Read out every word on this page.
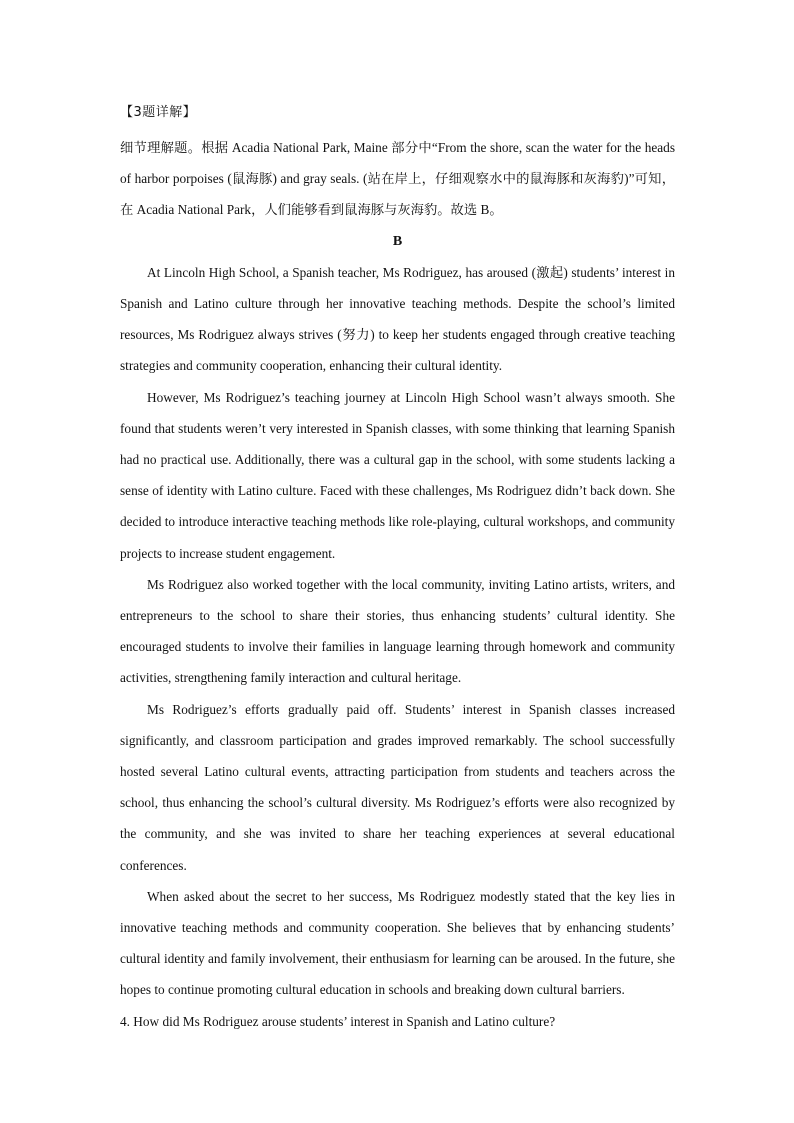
【3题详解】

细节理解题。根据 Acadia National Park, Maine 部分中“From the shore, scan the water for the heads of harbor porpoises (鼠海豚) and gray seals. (站在岸上，仔细观察水中的鼠海豚和灰海豹)”可知，在 Acadia National Park，人们能够看到鼠海豚与灰海豹。故选 B。

B

At Lincoln High School, a Spanish teacher, Ms Rodriguez, has aroused (激起) students’ interest in Spanish and Latino culture through her innovative teaching methods. Despite the school’s limited resources, Ms Rodriguez always strives (努力) to keep her students engaged through creative teaching strategies and community cooperation, enhancing their cultural identity.

However, Ms Rodriguez’s teaching journey at Lincoln High School wasn’t always smooth. She found that students weren’t very interested in Spanish classes, with some thinking that learning Spanish had no practical use. Additionally, there was a cultural gap in the school, with some students lacking a sense of identity with Latino culture. Faced with these challenges, Ms Rodriguez didn’t back down. She decided to introduce interactive teaching methods like role-playing, cultural workshops, and community projects to increase student engagement.

Ms Rodriguez also worked together with the local community, inviting Latino artists, writers, and entrepreneurs to the school to share their stories, thus enhancing students’ cultural identity. She encouraged students to involve their families in language learning through homework and community activities, strengthening family interaction and cultural heritage.

Ms Rodriguez’s efforts gradually paid off. Students’ interest in Spanish classes increased significantly, and classroom participation and grades improved remarkably. The school successfully hosted several Latino cultural events, attracting participation from students and teachers across the school, thus enhancing the school’s cultural diversity. Ms Rodriguez’s efforts were also recognized by the community, and she was invited to share her teaching experiences at several educational conferences.

When asked about the secret to her success, Ms Rodriguez modestly stated that the key lies in innovative teaching methods and community cooperation. She believes that by enhancing students’ cultural identity and family involvement, their enthusiasm for learning can be aroused. In the future, she hopes to continue promoting cultural education in schools and breaking down cultural barriers.

4. How did Ms Rodriguez arouse students’ interest in Spanish and Latino culture?
